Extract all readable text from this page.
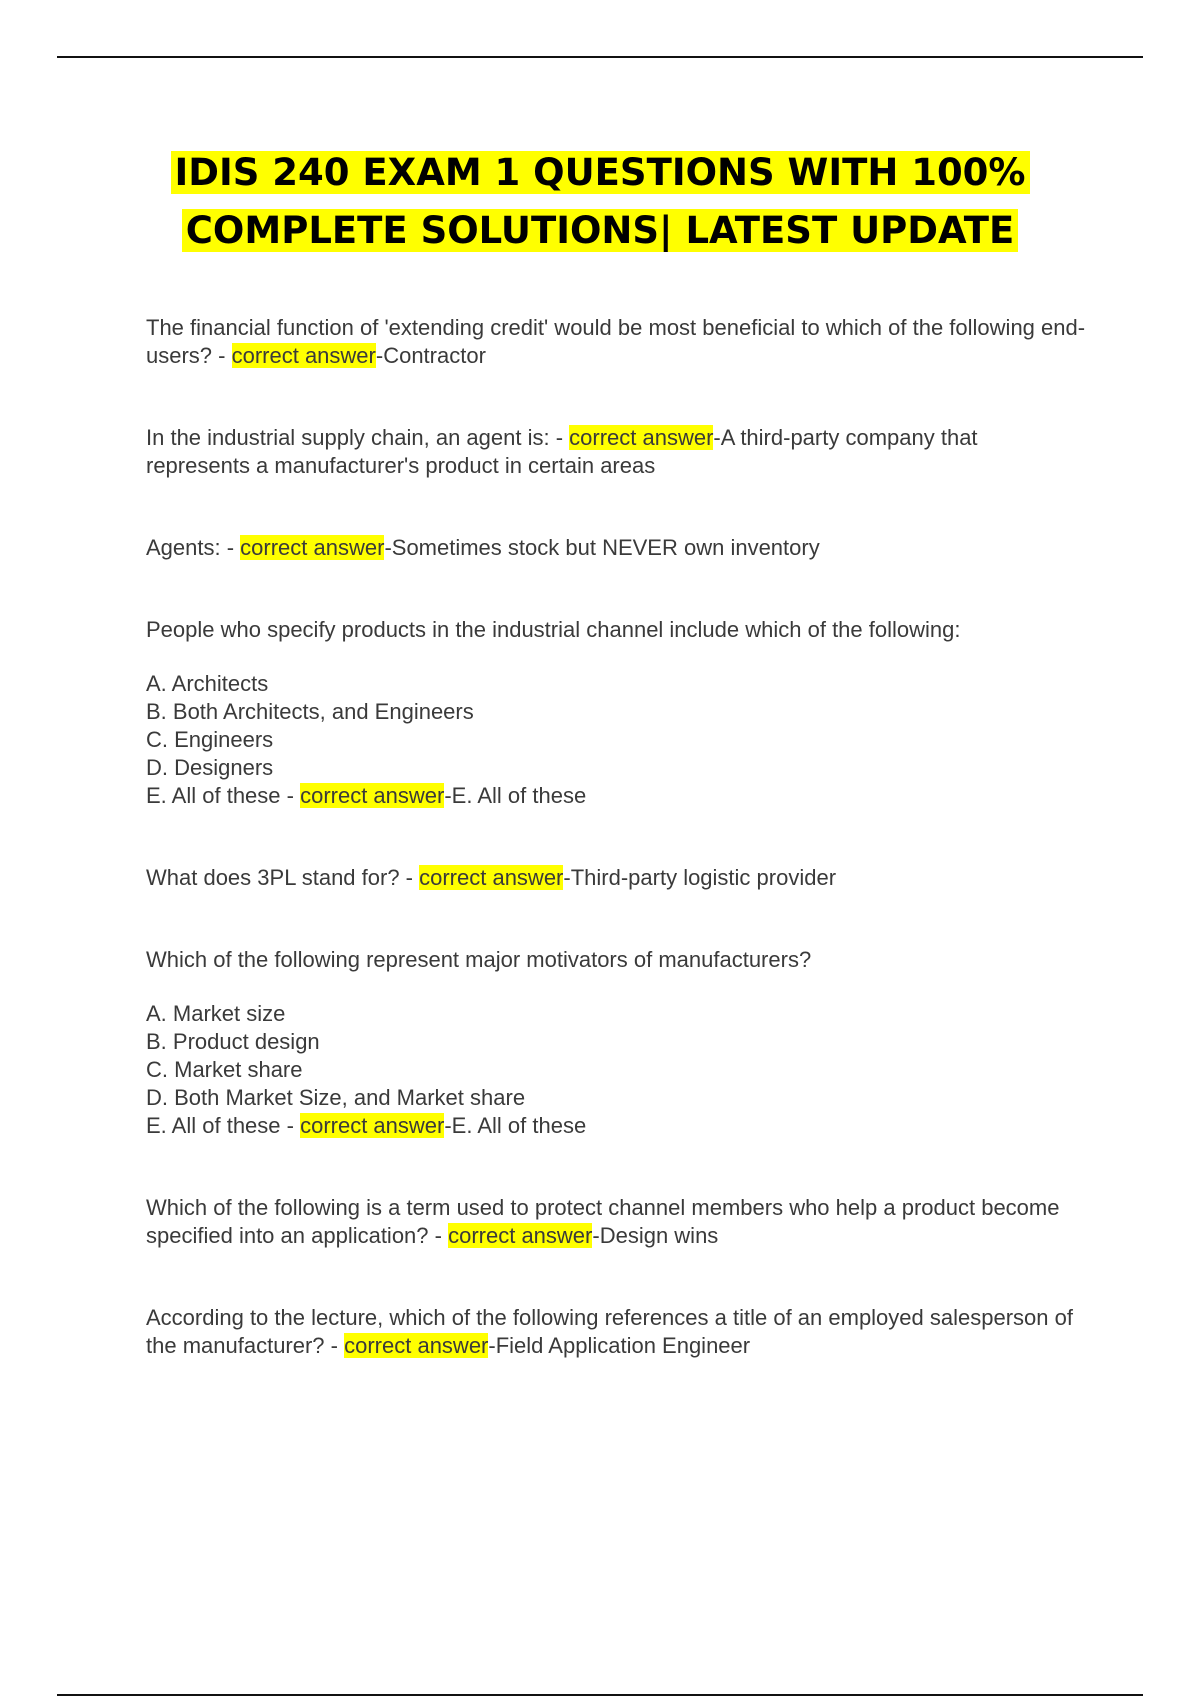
IDIS 240 EXAM 1 QUESTIONS WITH 100%
COMPLETE SOLUTIONS| LATEST UPDATE

The financial function of 'extending credit' would be most beneficial to which of the following end-users? - correct answer-Contractor

In the industrial supply chain, an agent is: - correct answer-A third-party company that represents a manufacturer's product in certain areas

Agents: - correct answer-Sometimes stock but NEVER own inventory

People who specify products in the industrial channel include which of the following:

A. Architects
B. Both Architects, and Engineers
C. Engineers
D. Designers
E. All of these - correct answer-E. All of these

What does 3PL stand for? - correct answer-Third-party logistic provider

Which of the following represent major motivators of manufacturers?

A. Market size
B. Product design
C. Market share
D. Both Market Size, and Market share
E. All of these - correct answer-E. All of these

Which of the following is a term used to protect channel members who help a product become specified into an application? - correct answer-Design wins

According to the lecture, which of the following references a title of an employed salesperson of the manufacturer? - correct answer-Field Application Engineer
